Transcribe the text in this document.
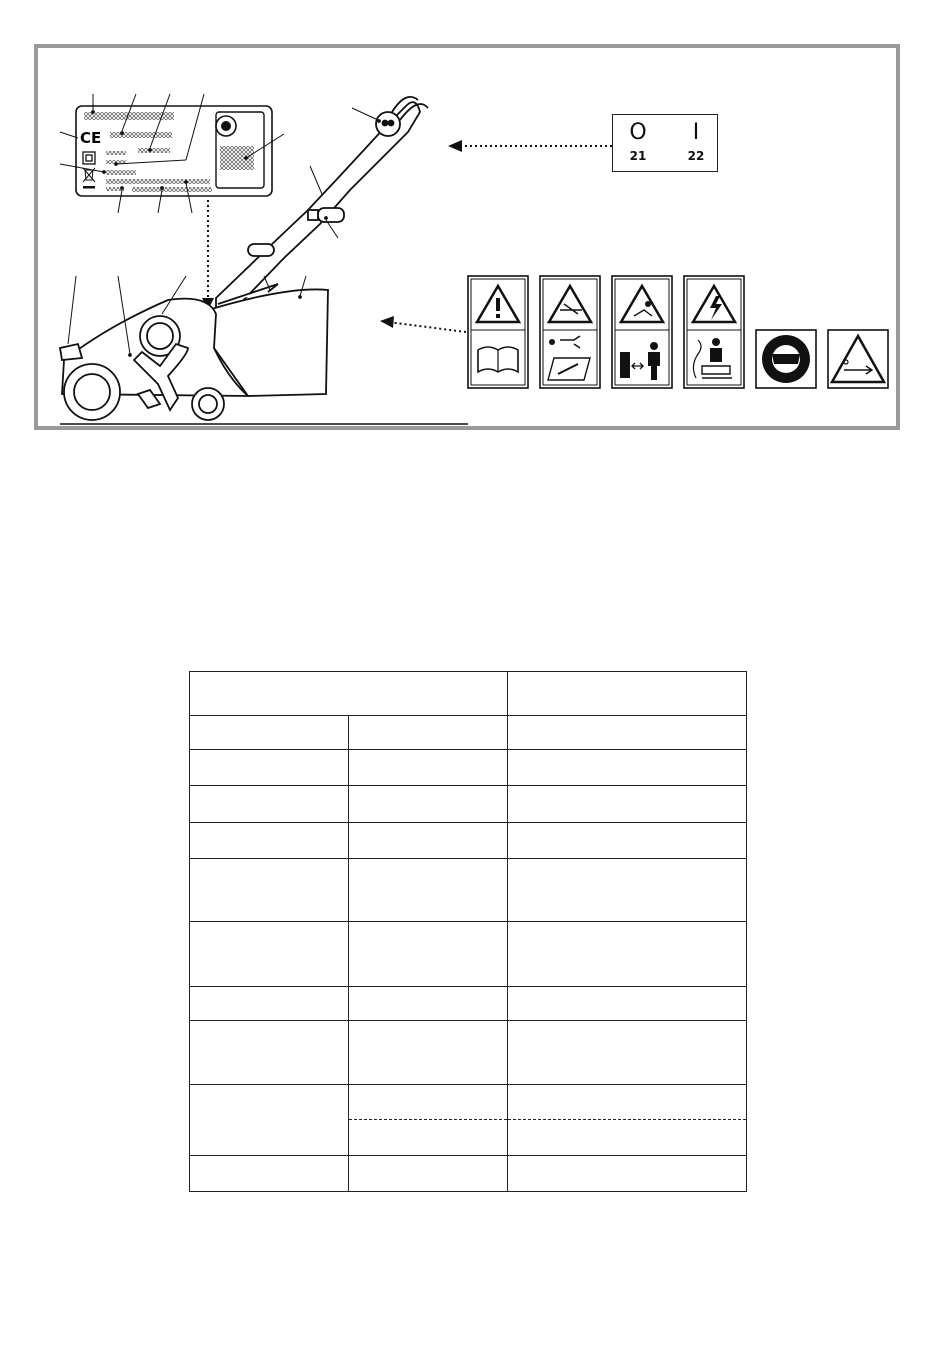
CE	O	I
21	22
